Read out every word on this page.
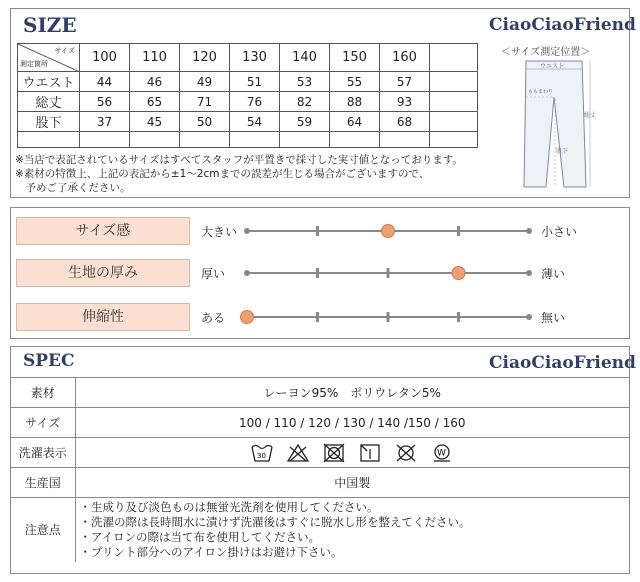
SIZE	CiaoCiaoFriend
サイズ
測定箇所	100	110	120	130	140	150	160	
ウエスト	44	46	49	51	53	55	57	
総丈	56	65	71	76	82	88	93	
股下	37	45	50	54	59	64	68	

※当店で表記されているサイズはすべてスタッフが平置きで採寸した実寸値となっております。
※素材の特徴上、上記の表記から±1〜2cmまでの誤差が生じる場合がございますので、
　予めご了承ください。
＜サイズ測定位置＞
ウエスト
総丈
ももまわり
股下
サイズ感	大きい	小さい
生地の厚み	厚い	薄い
伸縮性	ある	無い
SPEC	CiaoCiaoFriend
素材	レーヨン95%　ポリウレタン5%
サイズ	100 / 110 / 120 / 130 / 140 /150 / 160
洗濯表示	30 W

生産国	中国製
注意点	・生成り及び淡色ものは無蛍光洗剤を使用してください。
・洗濯の際は長時間水に漬けず洗濯後はすぐに脱水し形を整えてください。
・アイロンの際は当て布を使用してください。
・プリント部分へのアイロン掛けはお避け下さい。
